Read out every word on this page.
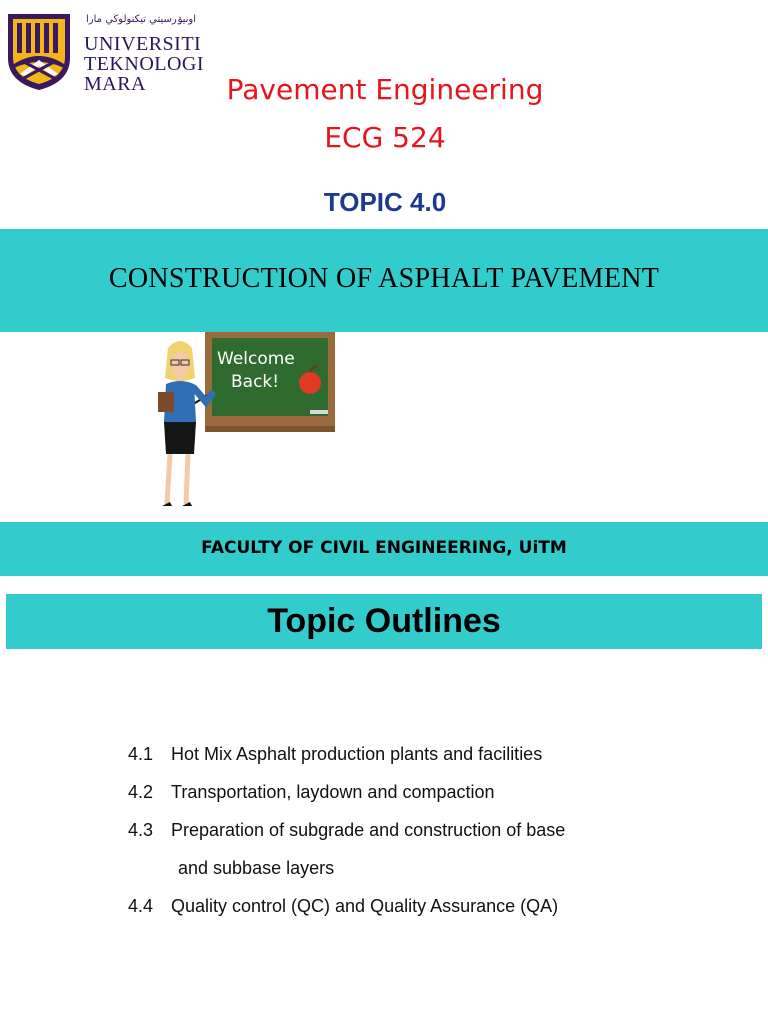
اونيۏرسيتي تيكنولوڬي مارا
UNIVERSITI
TEKNOLOGI
MARA	Pavement Engineering
ECG 524
TOPIC 4.0
CONSTRUCTION OF ASPHALT PAVEMENT
Welcome
Back!
FACULTY OF CIVIL ENGINEERING, UiTM
Topic Outlines
4.1 Hot Mix Asphalt production plants and facilities
4.2 Transportation, laydown and compaction
4.3 Preparation of subgrade and construction of base
and subbase layers
4.4 Quality control (QC) and Quality Assurance (QA)
